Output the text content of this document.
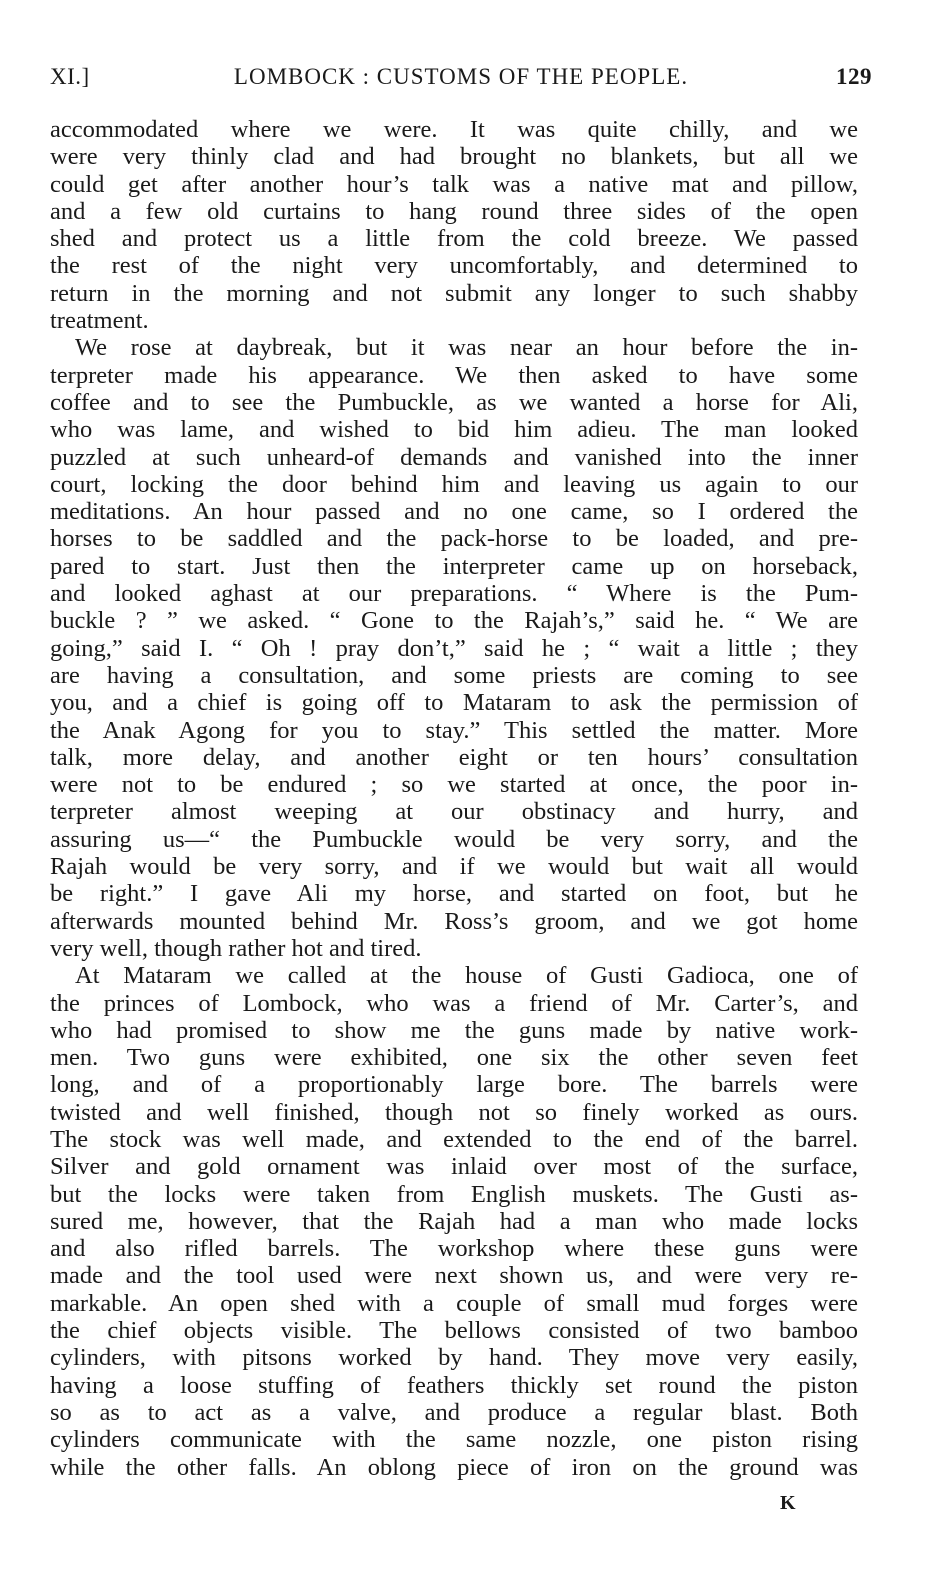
XI.]	LOMBOCK : CUSTOMS OF THE PEOPLE.	129
accommodated where we were. It was quite chilly, and we
were very thinly clad and had brought no blankets, but all we
could get after another hour’s talk was a native mat and pillow,
and a few old curtains to hang round three sides of the open
shed and protect us a little from the cold breeze. We passed
the rest of the night very uncomfortably, and determined to
return in the morning and not submit any longer to such shabby
treatment.
We rose at daybreak, but it was near an hour before the in-
terpreter made his appearance. We then asked to have some
coffee and to see the Pumbuckle, as we wanted a horse for Ali,
who was lame, and wished to bid him adieu. The man looked
puzzled at such unheard-of demands and vanished into the inner
court, locking the door behind him and leaving us again to our
meditations. An hour passed and no one came, so I ordered the
horses to be saddled and the pack-horse to be loaded, and pre-
pared to start. Just then the interpreter came up on horseback,
and looked aghast at our preparations. “ Where is the Pum-
buckle ? ” we asked. “ Gone to the Rajah’s,” said he. “ We are
going,” said I. “ Oh ! pray don’t,” said he ; “ wait a little ; they
are having a consultation, and some priests are coming to see
you, and a chief is going off to Mataram to ask the permission of
the Anak Agong for you to stay.” This settled the matter. More
talk, more delay, and another eight or ten hours’ consultation
were not to be endured ; so we started at once, the poor in-
terpreter almost weeping at our obstinacy and hurry, and
assuring us—“ the Pumbuckle would be very sorry, and the
Rajah would be very sorry, and if we would but wait all would
be right.” I gave Ali my horse, and started on foot, but he
afterwards mounted behind Mr. Ross’s groom, and we got home
very well, though rather hot and tired.
At Mataram we called at the house of Gusti Gadioca, one of
the princes of Lombock, who was a friend of Mr. Carter’s, and
who had promised to show me the guns made by native work-
men. Two guns were exhibited, one six the other seven feet
long, and of a proportionably large bore. The barrels were
twisted and well finished, though not so finely worked as ours.
The stock was well made, and extended to the end of the barrel.
Silver and gold ornament was inlaid over most of the surface,
but the locks were taken from English muskets. The Gusti as-
sured me, however, that the Rajah had a man who made locks
and also rifled barrels. The workshop where these guns were
made and the tool used were next shown us, and were very re-
markable. An open shed with a couple of small mud forges were
the chief objects visible. The bellows consisted of two bamboo
cylinders, with pitsons worked by hand. They move very easily,
having a loose stuffing of feathers thickly set round the piston
so as to act as a valve, and produce a regular blast. Both
cylinders communicate with the same nozzle, one piston rising
while the other falls. An oblong piece of iron on the ground was
K
